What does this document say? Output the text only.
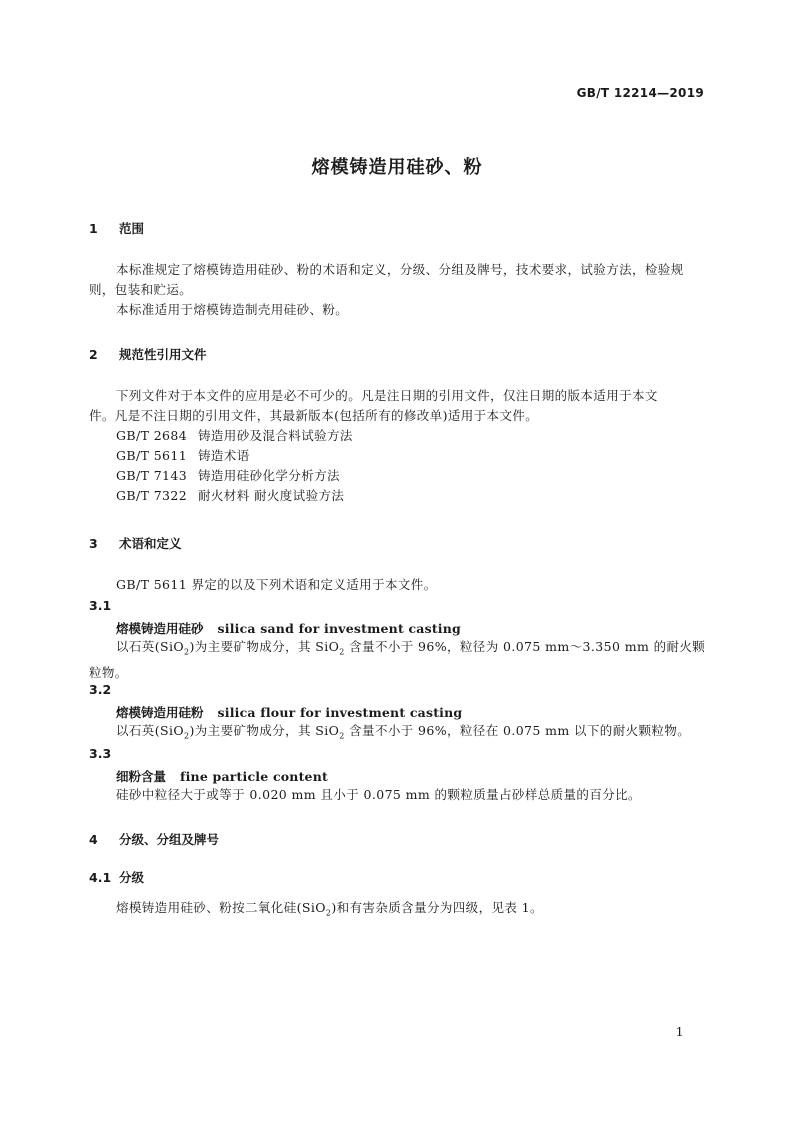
GB/T 12214—2019
熔模铸造用硅砂、粉
1 范围
本标准规定了熔模铸造用硅砂、粉的术语和定义，分级、分组及牌号，技术要求，试验方法，检验规
则，包装和贮运。
本标准适用于熔模铸造制壳用硅砂、粉。
2 规范性引用文件
下列文件对于本文件的应用是必不可少的。凡是注日期的引用文件，仅注日期的版本适用于本文
件。凡是不注日期的引用文件，其最新版本(包括所有的修改单)适用于本文件。
GB/T 2684 铸造用砂及混合料试验方法
GB/T 5611 铸造术语
GB/T 7143 铸造用硅砂化学分析方法
GB/T 7322 耐火材料 耐火度试验方法
3 术语和定义
GB/T 5611 界定的以及下列术语和定义适用于本文件。
3.1
熔模铸造用硅砂 silica sand for investment casting
以石英(SiO$_2$)为主要矿物成分，其 SiO$_2$ 含量不小于 96%，粒径为 0.075 mm～3.350 mm 的耐火颗
粒物。
3.2
熔模铸造用硅粉 silica flour for investment casting
以石英(SiO$_2$)为主要矿物成分，其 SiO$_2$ 含量不小于 96%，粒径在 0.075 mm 以下的耐火颗粒物。
3.3
细粉含量 fine particle content
硅砂中粒径大于或等于 0.020 mm 且小于 0.075 mm 的颗粒质量占砂样总质量的百分比。
4 分级、分组及牌号
4.1 分级
熔模铸造用硅砂、粉按二氧化硅(SiO$_2$)和有害杂质含量分为四级，见表 1。
1
